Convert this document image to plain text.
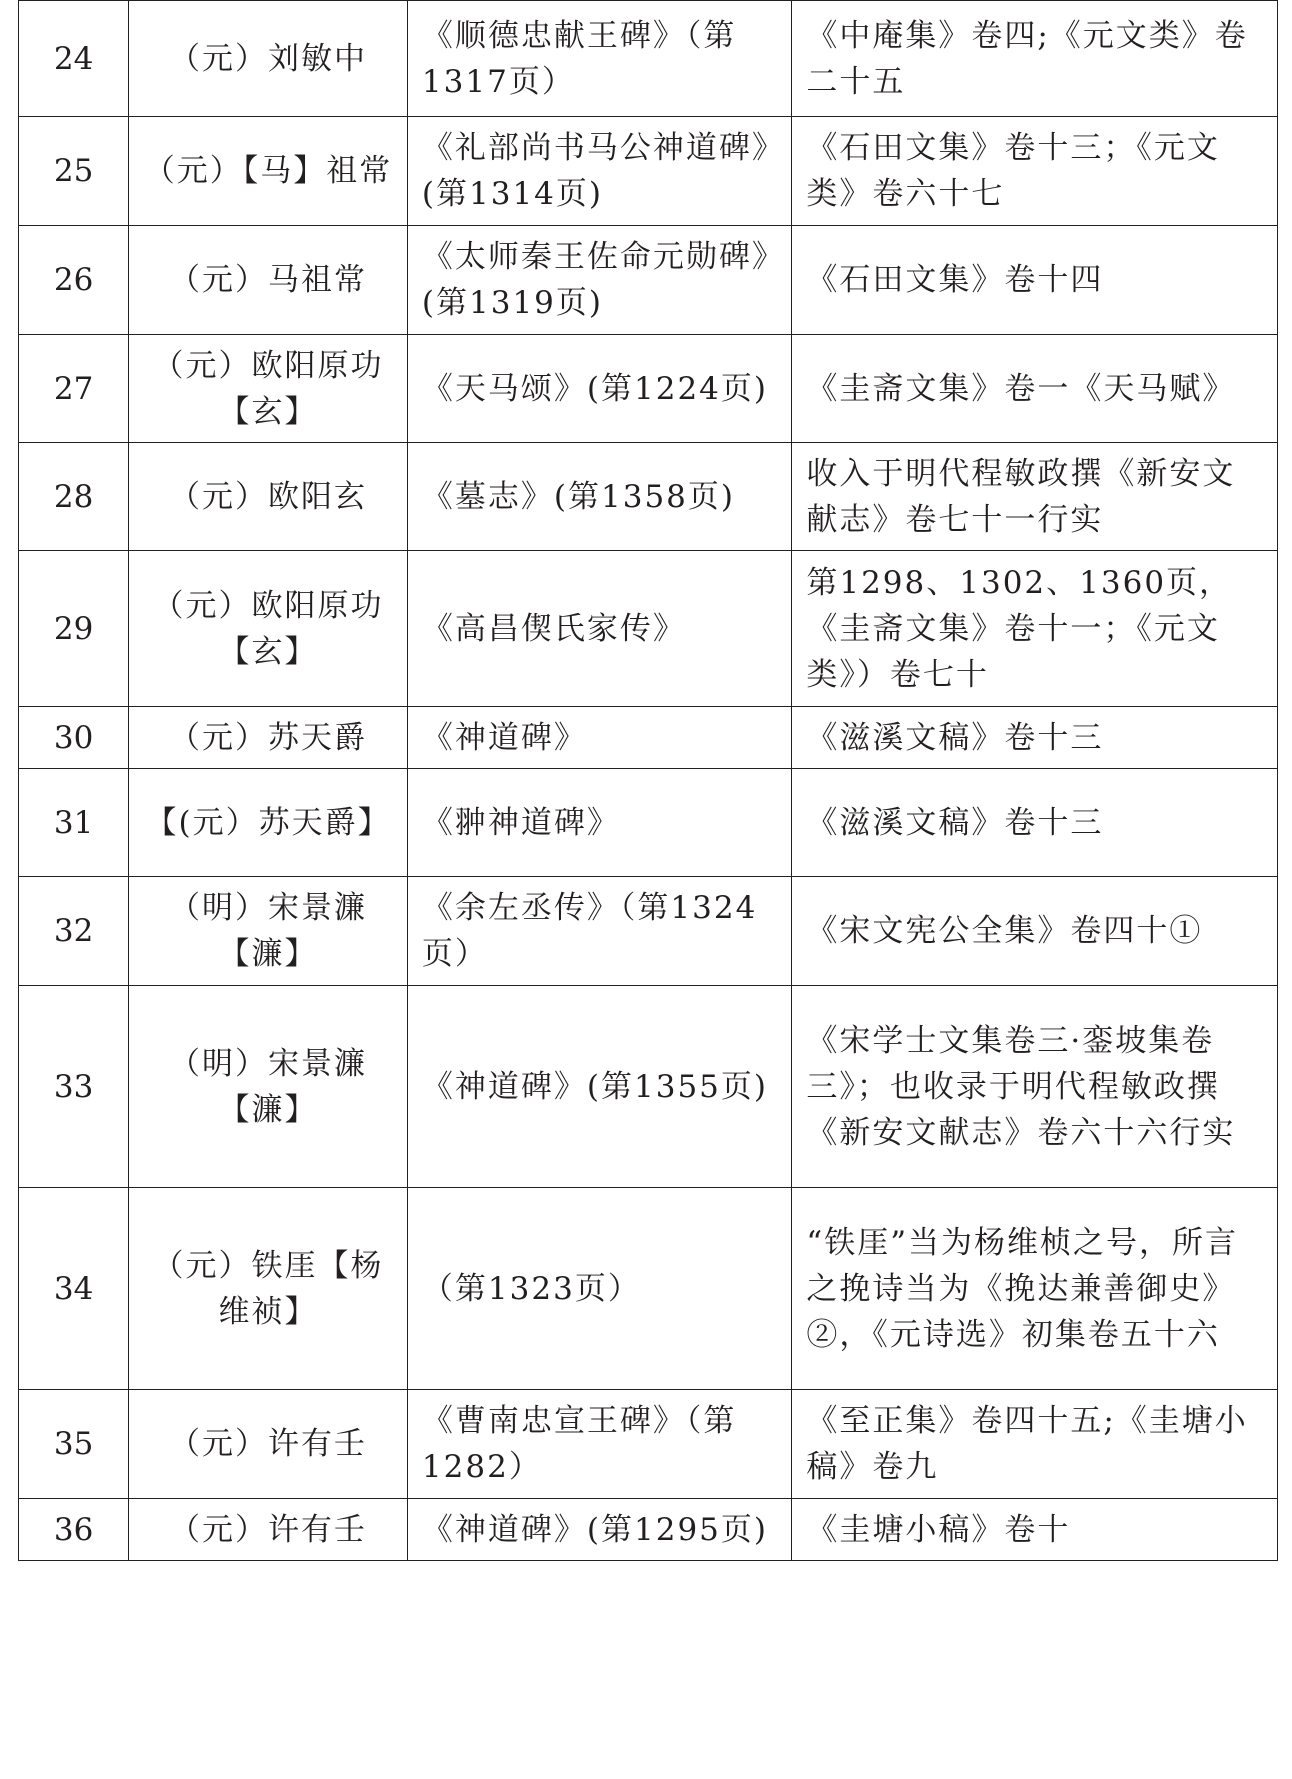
24	（元）刘敏中	《顺德忠献王碑》（第1317页）	《中庵集》卷四;《元文类》卷二十五
25	（元）【马】祖常	《礼部尚书马公神道碑》(第1314页)	《石田文集》卷十三；《元文类》卷六十七
26	（元）马祖常	《太师秦王佐命元勋碑》(第1319页)	《石田文集》卷十四
27	（元）欧阳原功【玄】	《天马颂》(第1224页)	《圭斋文集》卷一《天马赋》
28	（元）欧阳玄	《墓志》(第1358页)	收入于明代程敏政撰《新安文献志》卷七十一行实
29	（元）欧阳原功【玄】	《高昌偰氏家传》	第1298、1302、1360页，《圭斋文集》卷十一；《元文类》）卷七十
30	（元）苏天爵	《神道碑》	《滋溪文稿》卷十三
31	【(元）苏天爵】	《翀神道碑》	《滋溪文稿》卷十三
32	（明）宋景濂【濂】	《余左丞传》（第1324页）	《宋文宪公全集》卷四十①
33	（明）宋景濂【濂】	《神道碑》(第1355页)	《宋学士文集卷三·銮坡集卷三》；也收录于明代程敏政撰《新安文献志》卷六十六行实
34	（元）铁厓【杨维祯】	（第1323页）	“铁厓”当为杨维桢之号，所言之挽诗当为《挽达兼善御史》②，《元诗选》初集卷五十六
35	（元）许有壬	《曹南忠宣王碑》（第1282）	《至正集》卷四十五;《圭塘小稿》卷九
36	（元）许有壬	《神道碑》(第1295页)	《圭塘小稿》卷十
